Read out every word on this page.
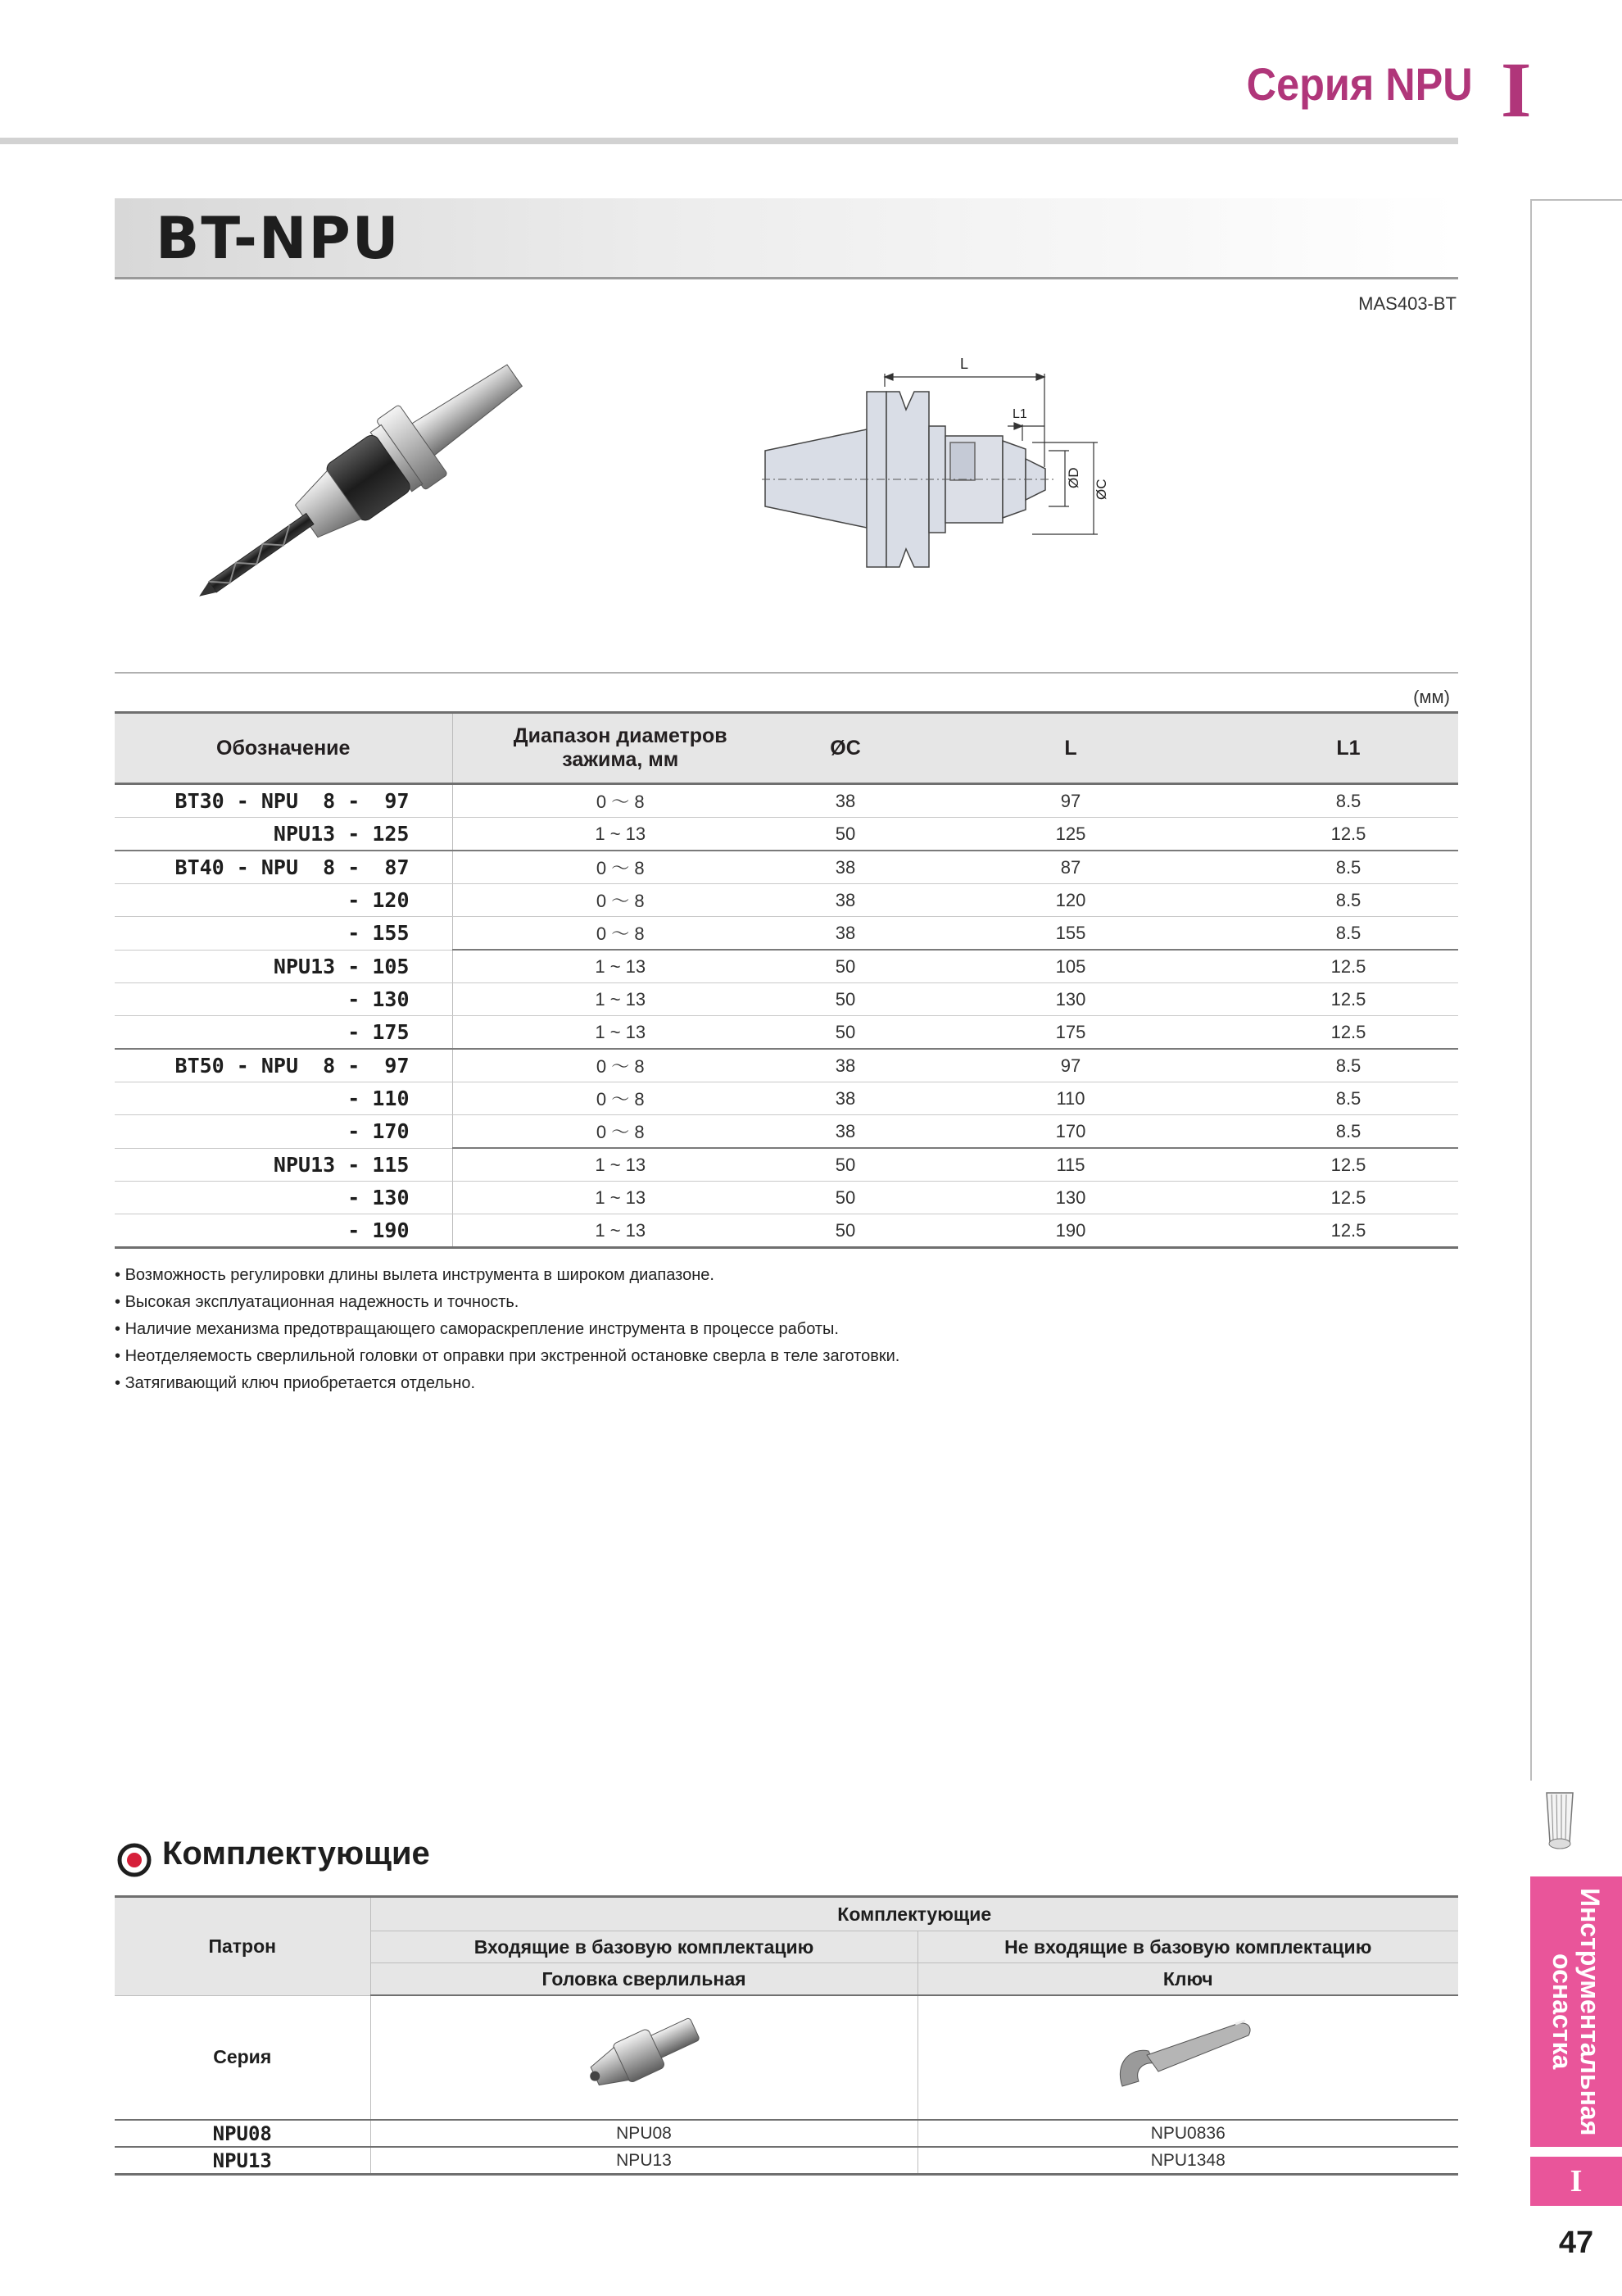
Серия NPU I
BT-NPU
MAS403-BT
L
L1
ØD
ØC
(мм)
Обозначение	Диапазон диаметров
зажима, мм	ØC	L	L1
BT30 - NPU  8 -  97	0 ～ 8	38	97	8.5
NPU13 - 125	1 ~ 13	50	125	12.5
BT40 - NPU  8 -  87	0 ～ 8	38	87	8.5
- 120	0 ～ 8	38	120	8.5
- 155	0 ～ 8	38	155	8.5
NPU13 - 105	1 ~ 13	50	105	12.5
- 130	1 ~ 13	50	130	12.5
- 175	1 ~ 13	50	175	12.5
BT50 - NPU  8 -  97	0 ～ 8	38	97	8.5
- 110	0 ～ 8	38	110	8.5
- 170	0 ～ 8	38	170	8.5
NPU13 - 115	1 ~ 13	50	115	12.5
- 130	1 ~ 13	50	130	12.5
- 190	1 ~ 13	50	190	12.5
• Возможность регулировки длины вылета инструмента в широком диапазоне.
• Высокая эксплуатационная надежность и точность.
• Наличие механизма предотвращающего самораскрепление инструмента в процессе работы.
• Неотделяемость сверлильной головки от оправки при экстренной остановке сверла в теле заготовки.
• Затягивающий ключ приобретается отдельно.
Комплектующие
Патрон	Комплектующие	
	Входящие в базовую комплектацию	Не входящие в базовую комплектацию
	Головка сверлильная	Ключ
Серия		
NPU08	NPU08	NPU0836
NPU13	NPU13	NPU1348
Инструментальная оснастка
I
47
